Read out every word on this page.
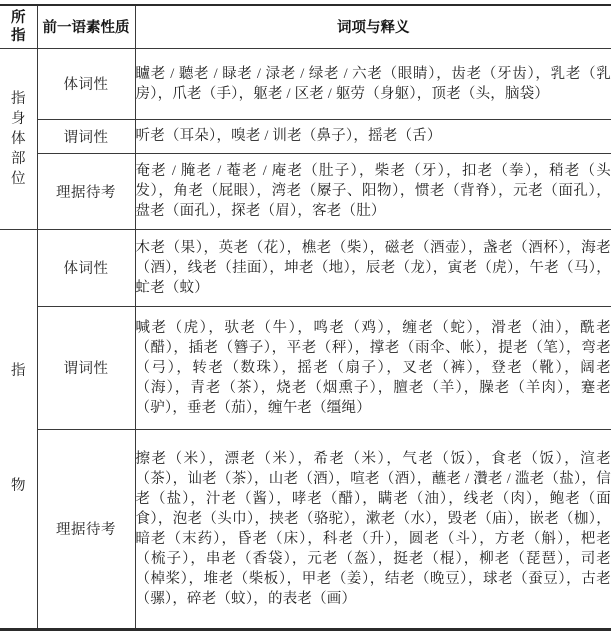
所
指	前一语素性质	词项与释义

指
身
体
部
位	体词性	矑老 / 聽老 / 睩老 / 渌老 / 绿老 / 六老（眼睛），齿老（牙齿），乳老（乳房），爪老（手），躯老 / 区老 / 躯劳（身躯），顶老（头，脑袋）
	谓词性	听老（耳朵），嗅老 / 训老（鼻子），摇老（舌）
	理据待考	奄老 / 腌老 / 菴老 / 庵老（肚子），柴老（牙），扣老（拳），稍老（头发），角老（屁眼），湾老（屪子、阳物），惯老（背脊），元老（面孔），盘老（面孔），探老（眉），客老（肚）

指
物	体词性	木老（果），英老（花），樵老（柴），磁老（酒壶），盏老（酒杯），海老（酒），线老（挂面），坤老（地），辰老（龙），寅老（虎），午老（马），虻老（蚊）
	谓词性	喊老（虎），驮老（牛），鸣老（鸡），缠老（蛇），滑老（油），酰老（醋），插老（簪子），平老（秤），撑老（雨伞、帐），提老（笔），弯老（弓），转老（数珠），摇老（扇子），叉老（裤），登老（靴），阔老（海），青老（茶），烧老（烟熏子），膻老（羊），臊老（羊肉），蹇老（驴），垂老（茄），缠午老（缰绳）
	理据待考	擦老（米），漂老（米），希老（米），气老（饭），食老（饭），渲老（茶），讪老（茶），山老（酒），喧老（酒），蘸老 / 灒老 / 滥老（盐），信老（盐），汁老（酱），哮老（醋），瞒老（油），线老（肉），鲍老（面食），泡老（头巾），挟老（骆驼），漱老（水），毁老（庙），嵌老（枷），暗老（末药），昏老（床），科老（升），圆老（斗），方老（斛），杷老（梳子），串老（香袋），元老（盔），挺老（棍），柳老（琵琶），司老（棹桨），堆老（柴板），甲老（姜），结老（晚豆），球老（蚕豆），古老（骡），碎老（蚊），的表老（画）
